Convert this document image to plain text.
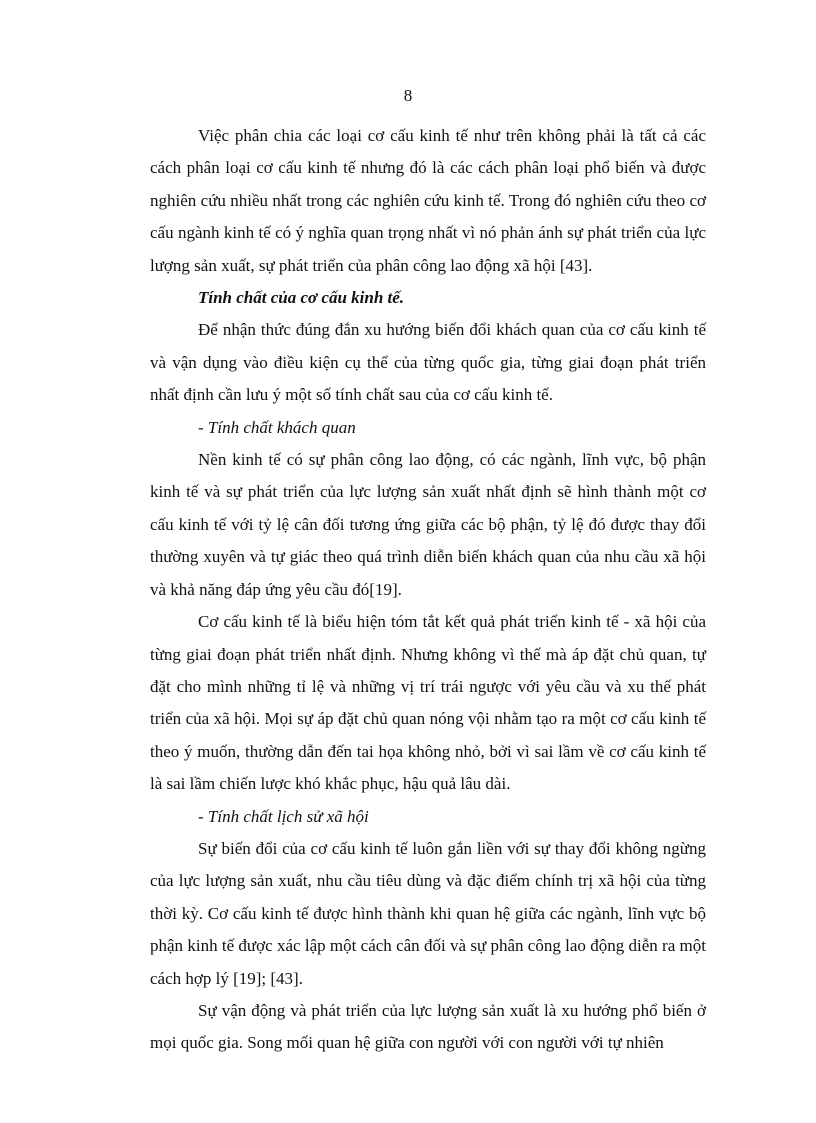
8

Việc phân chia các loại cơ cấu kinh tế như trên không phải là tất cả các cách phân loại cơ cấu kinh tế nhưng đó là các cách phân loại phổ biến và được nghiên cứu nhiều nhất trong các nghiên cứu kinh tế. Trong đó nghiên cứu theo cơ cấu ngành kinh tế có ý nghĩa quan trọng nhất vì nó phản ánh sự phát triển của lực lượng sản xuất, sự phát triển của phân công lao động xã hội [43].

Tính chất của cơ cấu kinh tế.

Để nhận thức đúng đắn xu hướng biến đổi khách quan của cơ cấu kinh tế và vận dụng vào điều kiện cụ thể của từng quốc gia, từng giai đoạn phát triển nhất định cần lưu ý một số tính chất sau của cơ cấu kinh tế.

- Tính chất khách quan

Nền kinh tế có sự phân công lao động, có các ngành, lĩnh vực, bộ phận kinh tế và sự phát triển của lực lượng sản xuất nhất định sẽ hình thành một cơ cấu kinh tế với tỷ lệ cân đối tương ứng giữa các bộ phận, tỷ lệ đó được thay đổi thường xuyên và tự giác theo quá trình diễn biến khách quan của nhu cầu xã hội và khả năng đáp ứng yêu cầu đó[19].

Cơ cấu kinh tế là biểu hiện tóm tắt kết quả phát triển kinh tế - xã hội của từng giai đoạn phát triển nhất định. Nhưng không vì thế mà áp đặt chủ quan, tự đặt cho mình những tỉ lệ và những vị trí trái ngược với yêu cầu và xu thế phát triển của xã hội. Mọi sự áp đặt chủ quan nóng vội nhằm tạo ra một cơ cấu kinh tế theo ý muốn, thường dẫn đến tai họa không nhỏ, bởi vì sai lầm về cơ cấu kinh tế là sai lầm chiến lược khó khắc phục, hậu quả lâu dài.

- Tính chất lịch sử xã hội

Sự biến đổi của cơ cấu kinh tế luôn gắn liền với sự thay đổi không ngừng của lực lượng sản xuất, nhu cầu tiêu dùng và đặc điểm chính trị xã hội của từng thời kỳ. Cơ cấu kinh tế được hình thành khi quan hệ giữa các ngành, lĩnh vực bộ phận kinh tế được xác lập một cách cân đối và sự phân công lao động diễn ra một cách hợp lý [19]; [43].

Sự vận động và phát triển của lực lượng sản xuất là xu hướng phổ biến ở mọi quốc gia. Song mối quan hệ giữa con người với con người với tự nhiên
